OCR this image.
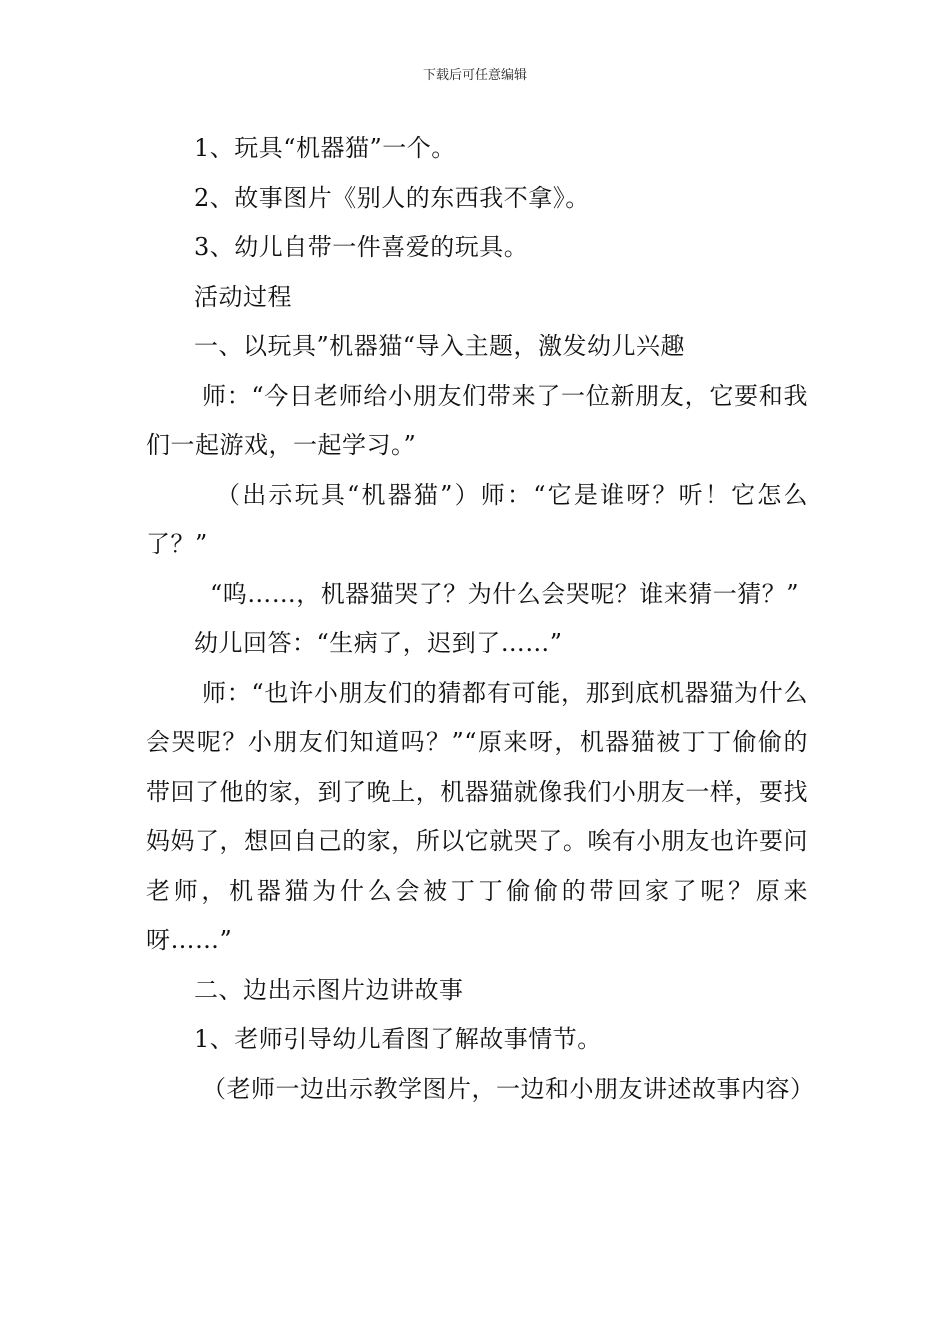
下载后可任意编辑

1、玩具“机器猫”一个。

2、故事图片《别人的东西我不拿》。

3、幼儿自带一件喜爱的玩具。

活动过程

一、以玩具”机器猫“导入主题，激发幼儿兴趣

师：“今日老师给小朋友们带来了一位新朋友，它要和我们一起游戏，一起学习。”

（出示玩具“机器猫”）师：“它是谁呀？听！它怎么了？”

“呜……，机器猫哭了？为什么会哭呢？谁来猜一猜？”

幼儿回答：“生病了，迟到了……”

师：“也许小朋友们的猜都有可能，那到底机器猫为什么会哭呢？小朋友们知道吗？”“原来呀，机器猫被丁丁偷偷的带回了他的家，到了晚上，机器猫就像我们小朋友一样，要找妈妈了，想回自己的家，所以它就哭了。唉有小朋友也许要问老师，机器猫为什么会被丁丁偷偷的带回家了呢？原来呀……”

二、边出示图片边讲故事

1、老师引导幼儿看图了解故事情节。

（老师一边出示教学图片，一边和小朋友讲述故事内容）
